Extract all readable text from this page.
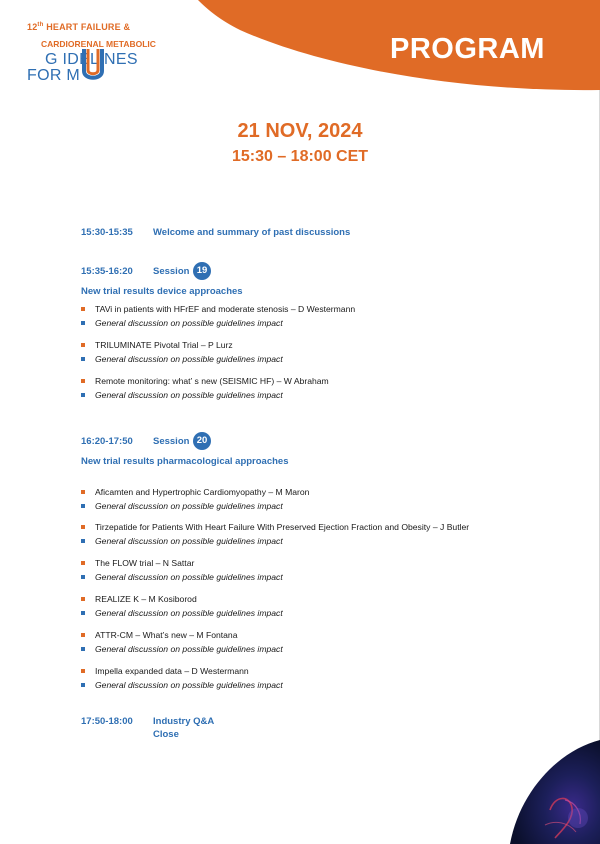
12th HEART FAILURE &
CARDIORENAL METABOLIC
G IDELINES
FOR M
PROGRAM
21 NOV, 2024
15:30 – 18:00 CET
15:30-15:35 Welcome and summary of past discussions
15:35-16:20 Session 19
New trial results device approaches
TAVi in patients with HFrEF and moderate stenosis – D Westermann
General discussion on possible guidelines impact
TRILUMINATE Pivotal Trial – P Lurz
General discussion on possible guidelines impact
Remote monitoring: what’ s new (SEISMIC HF) – W Abraham
General discussion on possible guidelines impact
16:20-17:50 Session 20
New trial results pharmacological approaches
Aficamten and Hypertrophic Cardiomyopathy – M Maron
General discussion on possible guidelines impact
Tirzepatide for Patients With Heart Failure With Preserved Ejection Fraction and Obesity – J Butler
General discussion on possible guidelines impact
The FLOW trial – N Sattar
General discussion on possible guidelines impact
REALIZE K – M Kosiborod
General discussion on possible guidelines impact
ATTR-CM – What’s new – M Fontana
General discussion on possible guidelines impact
Impella expanded data – D Westermann
General discussion on possible guidelines impact
17:50-18:00 Industry Q&A
Close
